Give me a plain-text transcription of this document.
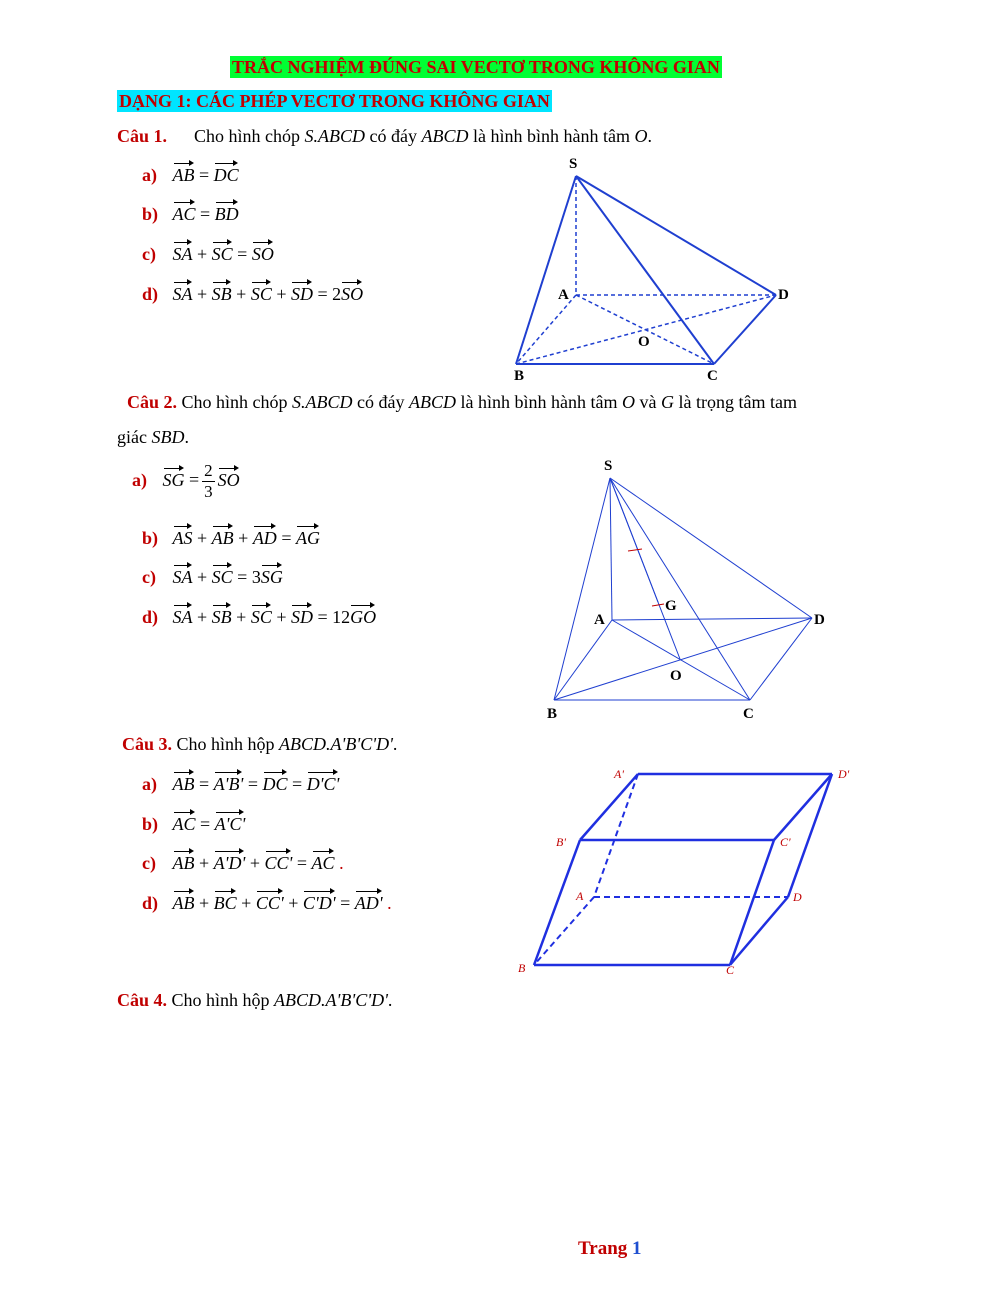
TRẮC NGHIỆM ĐÚNG SAI VECTƠ TRONG KHÔNG GIAN
DẠNG 1: CÁC PHÉP VECTƠ TRONG KHÔNG GIAN
Câu 1. Cho hình chóp S.ABCD có đáy ABCD là hình bình hành tâm O.
a) AB = DC
b) AC = BD
c) SA + SC = SO
d) SA + SB + SC + SD = 2SO
S
A
B	C
D
O
Câu 2. Cho hình chóp S.ABCD có đáy ABCD là hình bình hành tâm O và G là trọng tâm tam
giác SBD.
a) SG = $\frac{2}{3}$ SO
b) AS + AB + AD = AG
c) SA + SC = 3SG
d) SA + SB + SC + SD = 12GO
S
A
B	C
D
O
G
Câu 3. Cho hình hộp ABCD.A'B'C'D'.
a) AB = A'B' = DC = D'C'
b) AC = A'C'
c) AB + A'D' + CC' = AC .
d) AB + BC + CC' + C'D' = AD' .
A'	D'
B'	C'
A	D
B	C
Câu 4. Cho hình hộp ABCD.A'B'C'D'.
Trang 1
